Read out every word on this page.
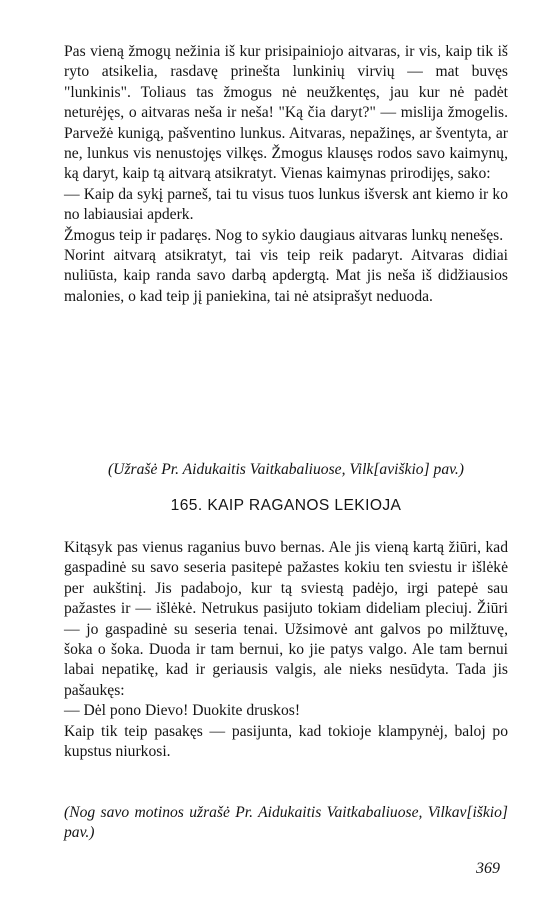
Pas vieną žmogų nežinia iš kur prisipainiojo aitvaras, ir vis, kaip tik iš ryto atsikelia, rasdavę prinešta lunkinių virvių — mat buvęs "lunkinis". Toliaus tas žmogus nė neužkentęs, jau kur nė padėt neturėjęs, o aitvaras neša ir neša! "Ką čia daryt?" — mislija žmogelis. Parvežė kunigą, pašventino lunkus. Aitvaras, nepažinęs, ar šventyta, ar ne, lunkus vis nenustojęs vilkęs. Žmogus klausęs rodos savo kaimynų, ką daryt, kaip tą aitvarą atsikratyt. Vienas kaimynas prirodijęs, sako:

— Kaip da sykį parneš, tai tu visus tuos lunkus išversk ant kiemo ir ko no labiausiai apderk.

Žmogus teip ir padaręs. Nog to sykio daugiaus aitvaras lunkų nenešęs.

Norint aitvarą atsikratyt, tai vis teip reik padaryt. Aitvaras didiai nuliūsta, kaip randa savo darbą apdergtą. Mat jis neša iš didžiausios malonies, o kad teip jį paniekina, tai nė atsiprašyt neduoda.

(Užrašė Pr. Aidukaitis Vaitkabaliuose, Vilk[aviškio] pav.)
165. KAIP RAGANOS LEKIOJA

Kitąsyk pas vienus raganius buvo bernas. Ale jis vieną kartą žiūri, kad gaspadinė su savo seseria pasitepė pažastes kokiu ten sviestu ir išlėkė per aukštinį. Jis padabojo, kur tą sviestą padėjo, irgi patepė sau pažastes ir — išlėkė. Netrukus pasijuto tokiam dideliam pleciuj. Žiūri — jo gaspadinė su seseria tenai. Užsimovė ant galvos po milžtuvę, šoka o šoka. Duoda ir tam bernui, ko jie patys valgo. Ale tam bernui labai nepatikę, kad ir geriausis valgis, ale nieks nesūdyta. Tada jis pašaukęs:

— Dėl pono Dievo! Duokite druskos!

Kaip tik teip pasakęs — pasijunta, kad tokioje klampynėj, baloj po kupstus niurkosi.

(Nog savo motinos užrašė Pr. Aidukaitis Vaitkabaliuose, Vilkav[iškio] pav.)
369
